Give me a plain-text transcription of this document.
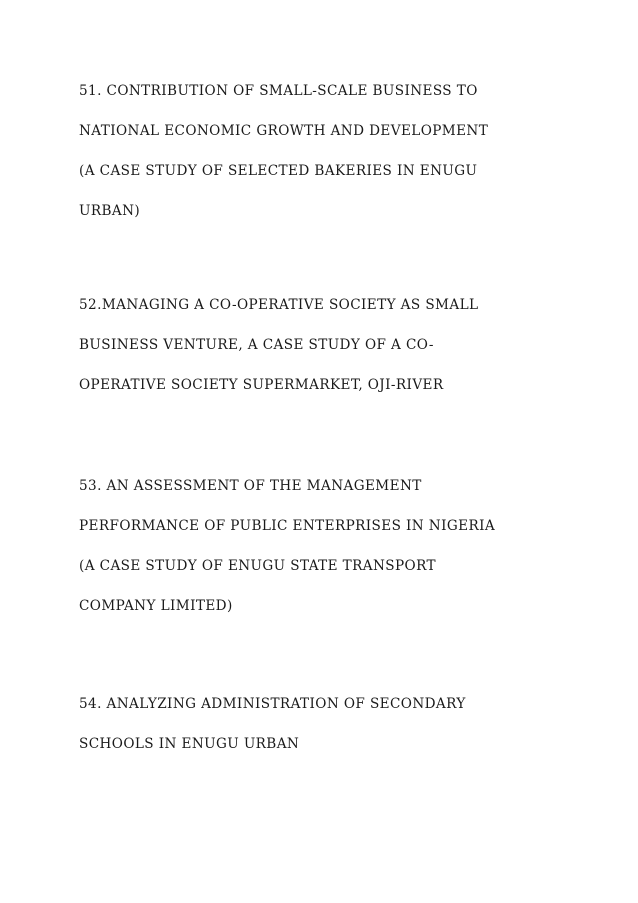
51. CONTRIBUTION OF SMALL-SCALE BUSINESS TO
NATIONAL ECONOMIC GROWTH AND DEVELOPMENT
(A CASE STUDY OF SELECTED BAKERIES IN ENUGU
URBAN)
52.MANAGING A CO-OPERATIVE SOCIETY AS SMALL
BUSINESS VENTURE, A CASE STUDY OF A CO-
OPERATIVE SOCIETY SUPERMARKET, OJI-RIVER
53. AN ASSESSMENT OF THE MANAGEMENT
PERFORMANCE OF PUBLIC ENTERPRISES IN NIGERIA
(A CASE STUDY OF ENUGU STATE TRANSPORT
COMPANY LIMITED)
54. ANALYZING ADMINISTRATION OF SECONDARY
SCHOOLS IN ENUGU URBAN
